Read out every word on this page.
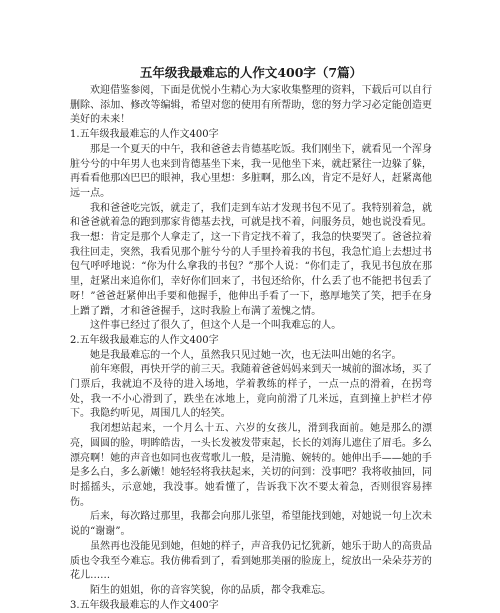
五年级我最难忘的人作文400字（7篇）

欢迎借鉴参阅，下面是优悦小生精心为大家收集整理的资料，下载后可以自行删除、添加、修改等编辑，希望对您的使用有所帮助，您的努力学习必定能创造更美好的未来！

1.五年级我最难忘的人作文400字

那是一个夏天的中午，我和爸爸去肯德基吃饭。我们刚坐下，就看见一个浑身脏兮兮的中年男人也来到肯德基坐下来，我一见他坐下来，就赶紧往一边躲了躲，再看看他那凶巴巴的眼神，我心里想：多脏啊，那么凶，肯定不是好人，赶紧离他远一点。

我和爸爸吃完饭，就走了，我们走到车站才发现书包不见了。我特别着急，就和爸爸就着急的跑到那家肯德基去找，可就是找不着，问服务员，她也说没看见。我一想：肯定是那个人拿走了，这一下肯定找不着了，我急的快要哭了。爸爸拉着我往回走，突然，我看见那个脏兮兮的人手里拎着我的书包，我急忙追上去想过书包气呼呼地说：“你为什么拿我的书包？”那个人说：“你们走了，我见书包放在那里，赶紧出来追你们，幸好你们回来了，书包还给你，什么丢了也不能把书包丢了呀！”爸爸赶紧伸出手要和他握手，他伸出手看了一下，憨厚地笑了笑，把手在身上蹭了蹭，才和爸爸握手，这时我脸上布满了羞愧之情。

这件事已经过了很久了，但这个人是一个叫我难忘的人。

2.五年级我最难忘的人作文400字

她是我最难忘的一个人，虽然我只见过她一次，也无法叫出她的名字。

前年寒假，再快开学的前三天。我随着爸爸妈妈来到天一城前的溜冰场，买了门票后，我就迫不及待的进入场地，学着教练的样子，一点一点的滑着，在拐弯处，我一不小心滑到了，跌坐在冰地上，竟向前滑了几米远，直到撞上护栏才停下。我隐约听见，周围几人的轻笑。

我闭想站起来，一个月么十五、六岁的女孩儿，滑到我面前。她是那么的漂亮，圆圆的脸，明眸皓齿，一头长发被发带束起，长长的刘海儿遮住了眉毛。多么漂亮啊！她的声音也如同也夜莺歌儿一般，是清脆、婉转的。她伸出手——她的手是多么白，多么新嫩！她轻轻将我扶起来，关切的问到：没事吧？我将收抽回，同时摇摇头，示意她，我没事。她看懂了，告诉我下次不要太着急，否则很容易摔伤。

后来，每次路过那里，我都会向那儿张望，希望能找到她，对她说一句上次未说的“谢谢”。

虽然再也没能见到她，但她的样子，声音我仍记忆犹新，她乐于助人的高贵品质也令我至今难忘。我仿佛看到了，看到她那美丽的脸庞上，绽放出一朵朵芬芳的花儿……

陌生的姐姐，你的音容笑貌，你的品质，都令我难忘。

3.五年级我最难忘的人作文400字
